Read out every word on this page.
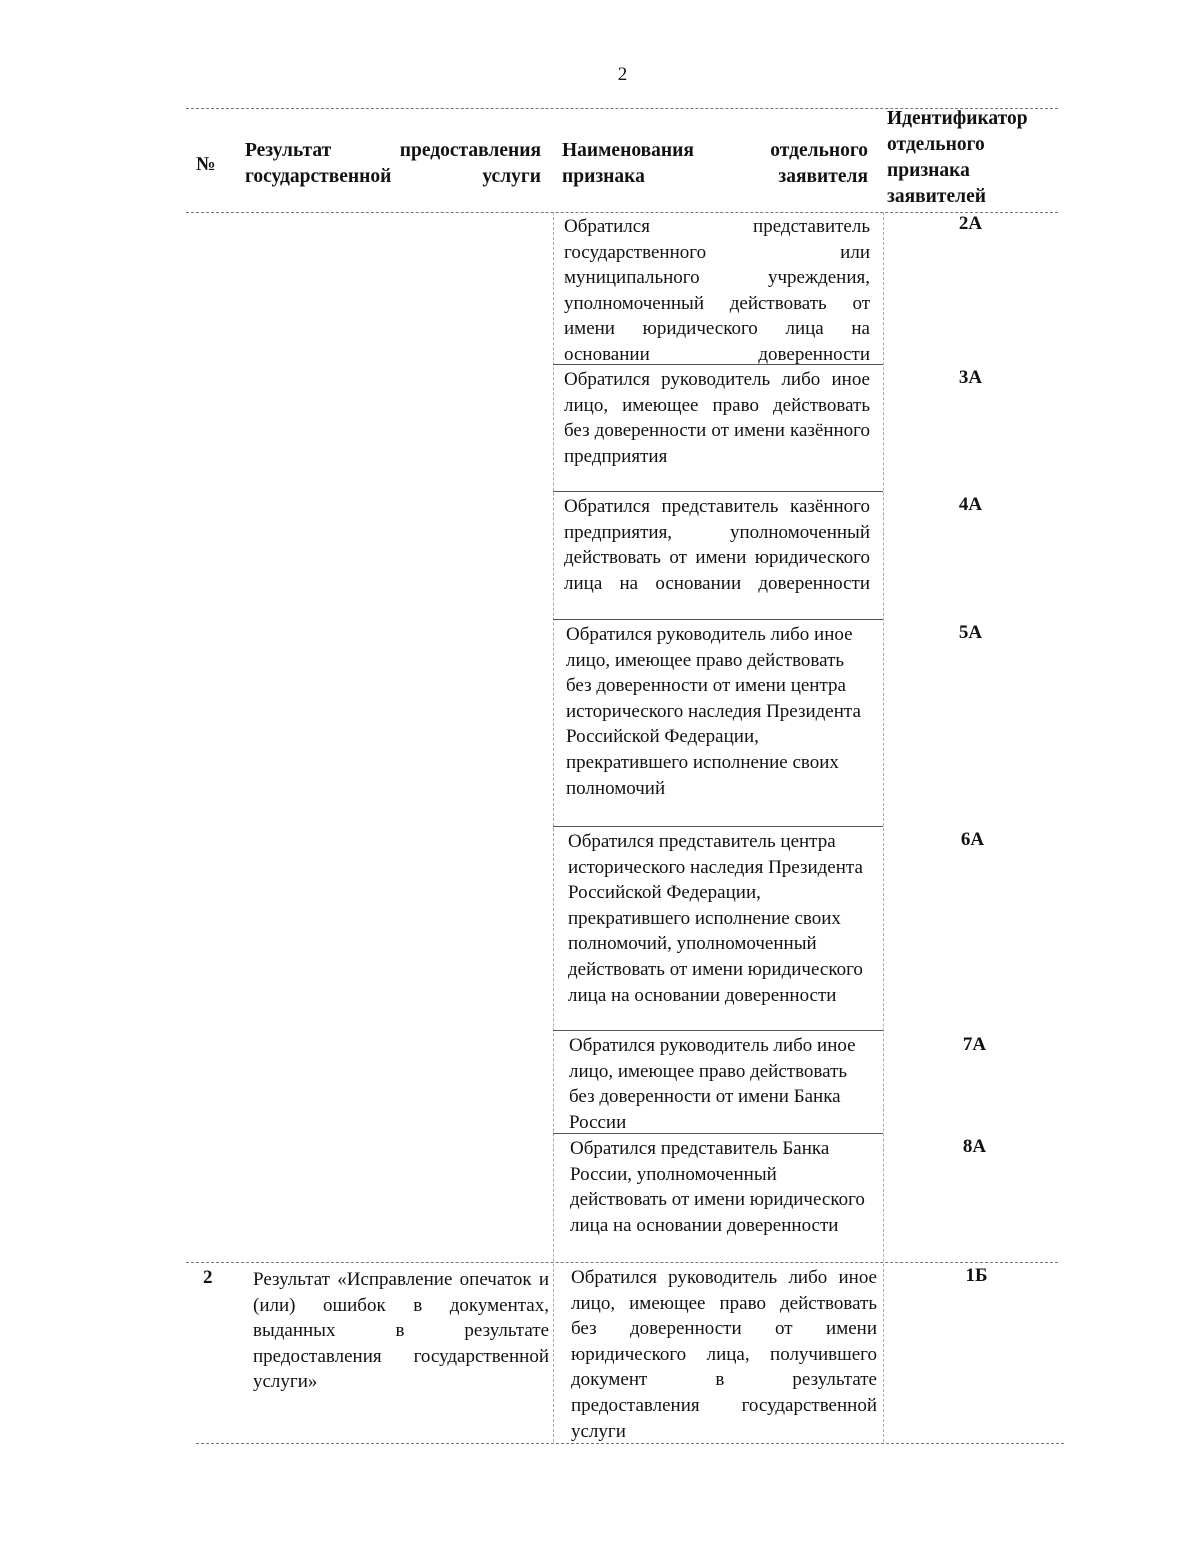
2
№
Результат предоставления государственной услуги
Наименования отдельного признака заявителя
Идентификатор отдельного признака заявителей
Обратился представитель государственного или муниципального учреждения, уполномоченный действовать от имени юридического лица на основании доверенности
2А
Обратился руководитель либо иное лицо, имеющее право действовать без доверенности от имени казённого предприятия
3А
Обратился представитель казённого предприятия, уполномоченный действовать от имени юридического лица на основании доверенности
4А
Обратился руководитель либо иное лицо, имеющее право действовать без доверенности от имени центра исторического наследия Президента Российской Федерации, прекратившего исполнение своих полномочий
5А
Обратился представитель центра исторического наследия Президента Российской Федерации, прекратившего исполнение своих полномочий, уполномоченный действовать от имени юридического лица на основании доверенности
6А
Обратился руководитель либо иное лицо, имеющее право действовать без доверенности от имени Банка России
7А
Обратился представитель Банка России, уполномоченный действовать от имени юридического лица на основании доверенности
8А
2 Результат «Исправление опечаток и (или) ошибок в документах, выданных в результате предоставления государственной услуги»
Обратился руководитель либо иное лицо, имеющее право действовать без доверенности от имени юридического лица, получившего документ в результате предоставления государственной услуги
1Б
